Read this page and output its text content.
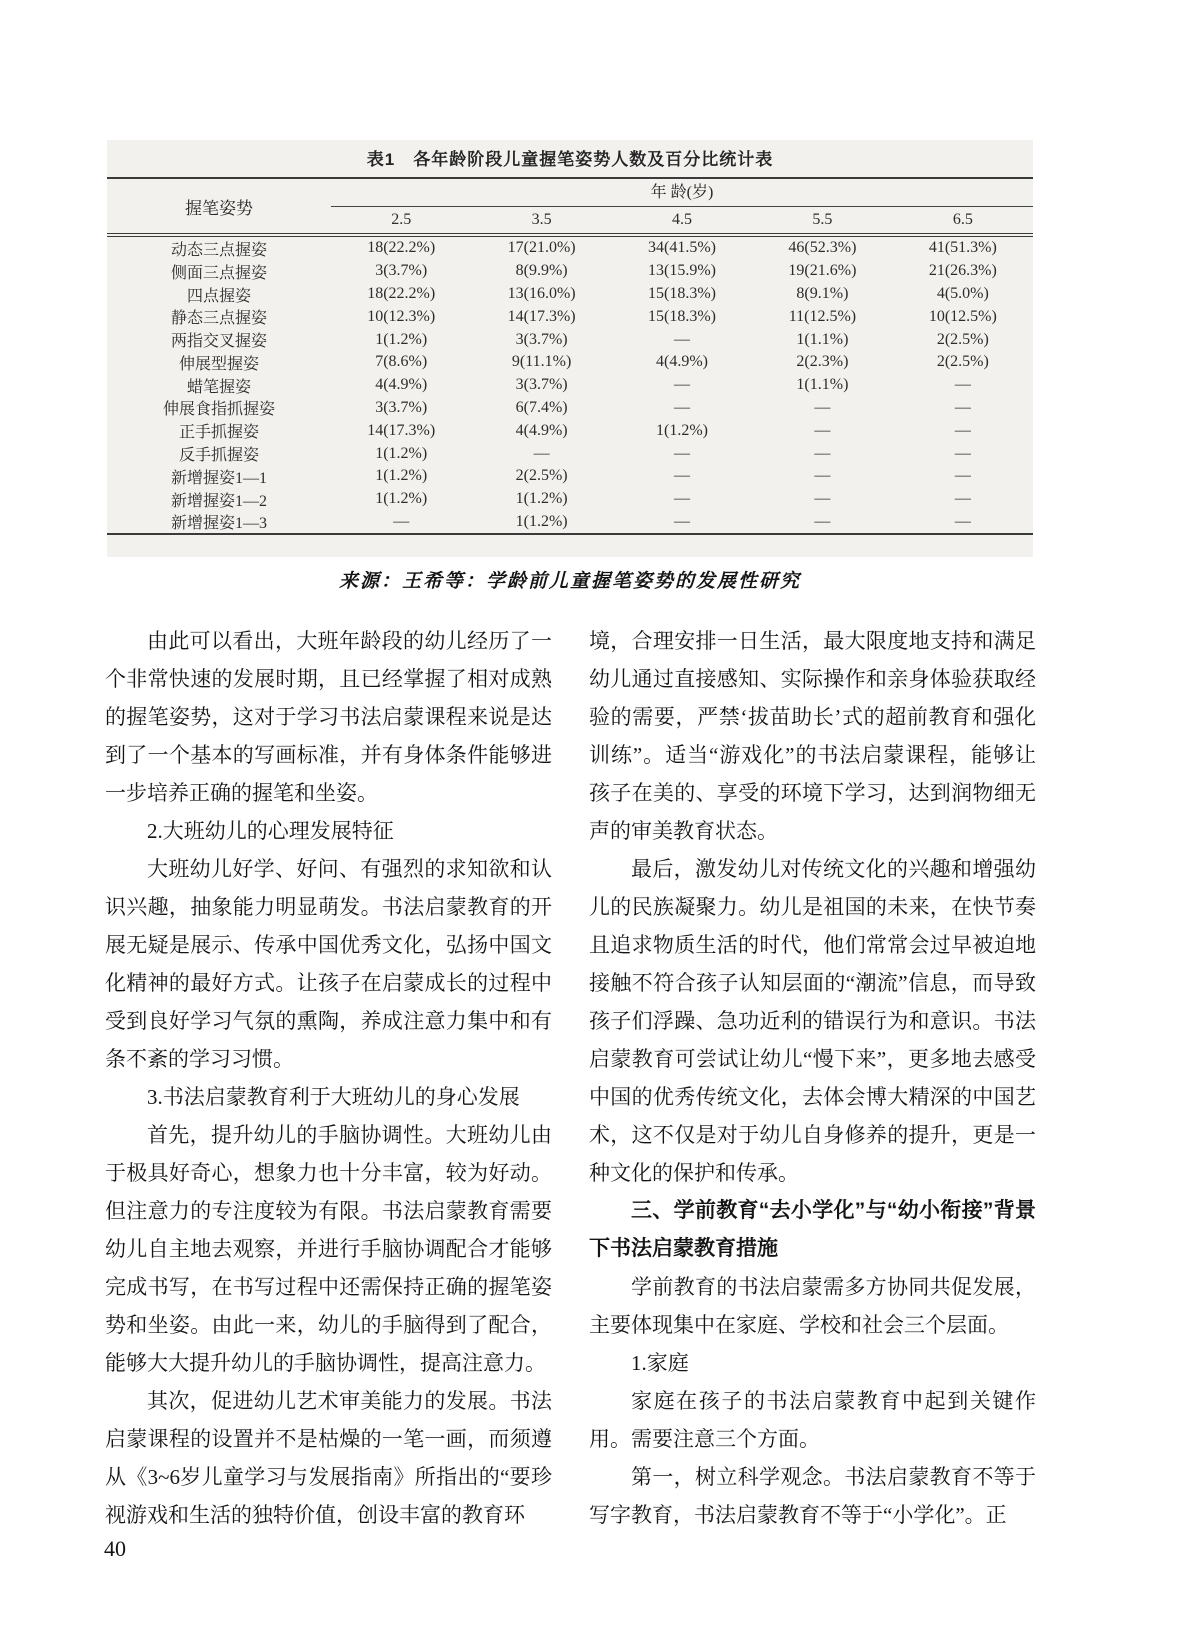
表1　各年龄阶段儿童握笔姿势人数及百分比统计表
握笔姿势
年 龄(岁)
2.5	3.5	4.5	5.5	6.5
动态三点握姿	18(22.2%)	17(21.0%)	34(41.5%)	46(52.3%)	41(51.3%)
侧面三点握姿	3(3.7%)	8(9.9%)	13(15.9%)	19(21.6%)	21(26.3%)
四点握姿	18(22.2%)	13(16.0%)	15(18.3%)	8(9.1%)	4(5.0%)
静态三点握姿	10(12.3%)	14(17.3%)	15(18.3%)	11(12.5%)	10(12.5%)
两指交叉握姿	1(1.2%)	3(3.7%)	—	1(1.1%)	2(2.5%)
伸展型握姿	7(8.6%)	9(11.1%)	4(4.9%)	2(2.3%)	2(2.5%)
蜡笔握姿	4(4.9%)	3(3.7%)	—	1(1.1%)	—
伸展食指抓握姿	3(3.7%)	6(7.4%)	—	—	—
正手抓握姿	14(17.3%)	4(4.9%)	1(1.2%)	—	—
反手抓握姿	1(1.2%)	—	—	—	—
新增握姿1—1	1(1.2%)	2(2.5%)	—	—	—
新增握姿1—2	1(1.2%)	1(1.2%)	—	—	—
新增握姿1—3	—	1(1.2%)	—	—	—
来源：王希等：学龄前儿童握笔姿势的发展性研究
由此可以看出，大班年龄段的幼儿经历了一个非常快速的发展时期，且已经掌握了相对成熟的握笔姿势，这对于学习书法启蒙课程来说是达到了一个基本的写画标准，并有身体条件能够进一步培养正确的握笔和坐姿。
2.大班幼儿的心理发展特征
大班幼儿好学、好问、有强烈的求知欲和认识兴趣，抽象能力明显萌发。书法启蒙教育的开展无疑是展示、传承中国优秀文化，弘扬中国文化精神的最好方式。让孩子在启蒙成长的过程中受到良好学习气氛的熏陶，养成注意力集中和有条不紊的学习习惯。
3.书法启蒙教育利于大班幼儿的身心发展
首先，提升幼儿的手脑协调性。大班幼儿由于极具好奇心，想象力也十分丰富，较为好动。但注意力的专注度较为有限。书法启蒙教育需要幼儿自主地去观察，并进行手脑协调配合才能够完成书写，在书写过程中还需保持正确的握笔姿势和坐姿。由此一来，幼儿的手脑得到了配合，能够大大提升幼儿的手脑协调性，提高注意力。
其次，促进幼儿艺术审美能力的发展。书法启蒙课程的设置并不是枯燥的一笔一画，而须遵从《3~6岁儿童学习与发展指南》所指出的“要珍视游戏和生活的独特价值，创设丰富的教育环
境，合理安排一日生活，最大限度地支持和满足幼儿通过直接感知、实际操作和亲身体验获取经验的需要，严禁‘拔苗助长’式的超前教育和强化训练”。适当“游戏化”的书法启蒙课程，能够让孩子在美的、享受的环境下学习，达到润物细无声的审美教育状态。
最后，激发幼儿对传统文化的兴趣和增强幼儿的民族凝聚力。幼儿是祖国的未来，在快节奏且追求物质生活的时代，他们常常会过早被迫地接触不符合孩子认知层面的“潮流”信息，而导致孩子们浮躁、急功近利的错误行为和意识。书法启蒙教育可尝试让幼儿“慢下来”，更多地去感受中国的优秀传统文化，去体会博大精深的中国艺术，这不仅是对于幼儿自身修养的提升，更是一种文化的保护和传承。
三、学前教育“去小学化”与“幼小衔接”背景下书法启蒙教育措施
学前教育的书法启蒙需多方协同共促发展，主要体现集中在家庭、学校和社会三个层面。
1.家庭
家庭在孩子的书法启蒙教育中起到关键作用。需要注意三个方面。
第一，树立科学观念。书法启蒙教育不等于写字教育，书法启蒙教育不等于“小学化”。正
40
